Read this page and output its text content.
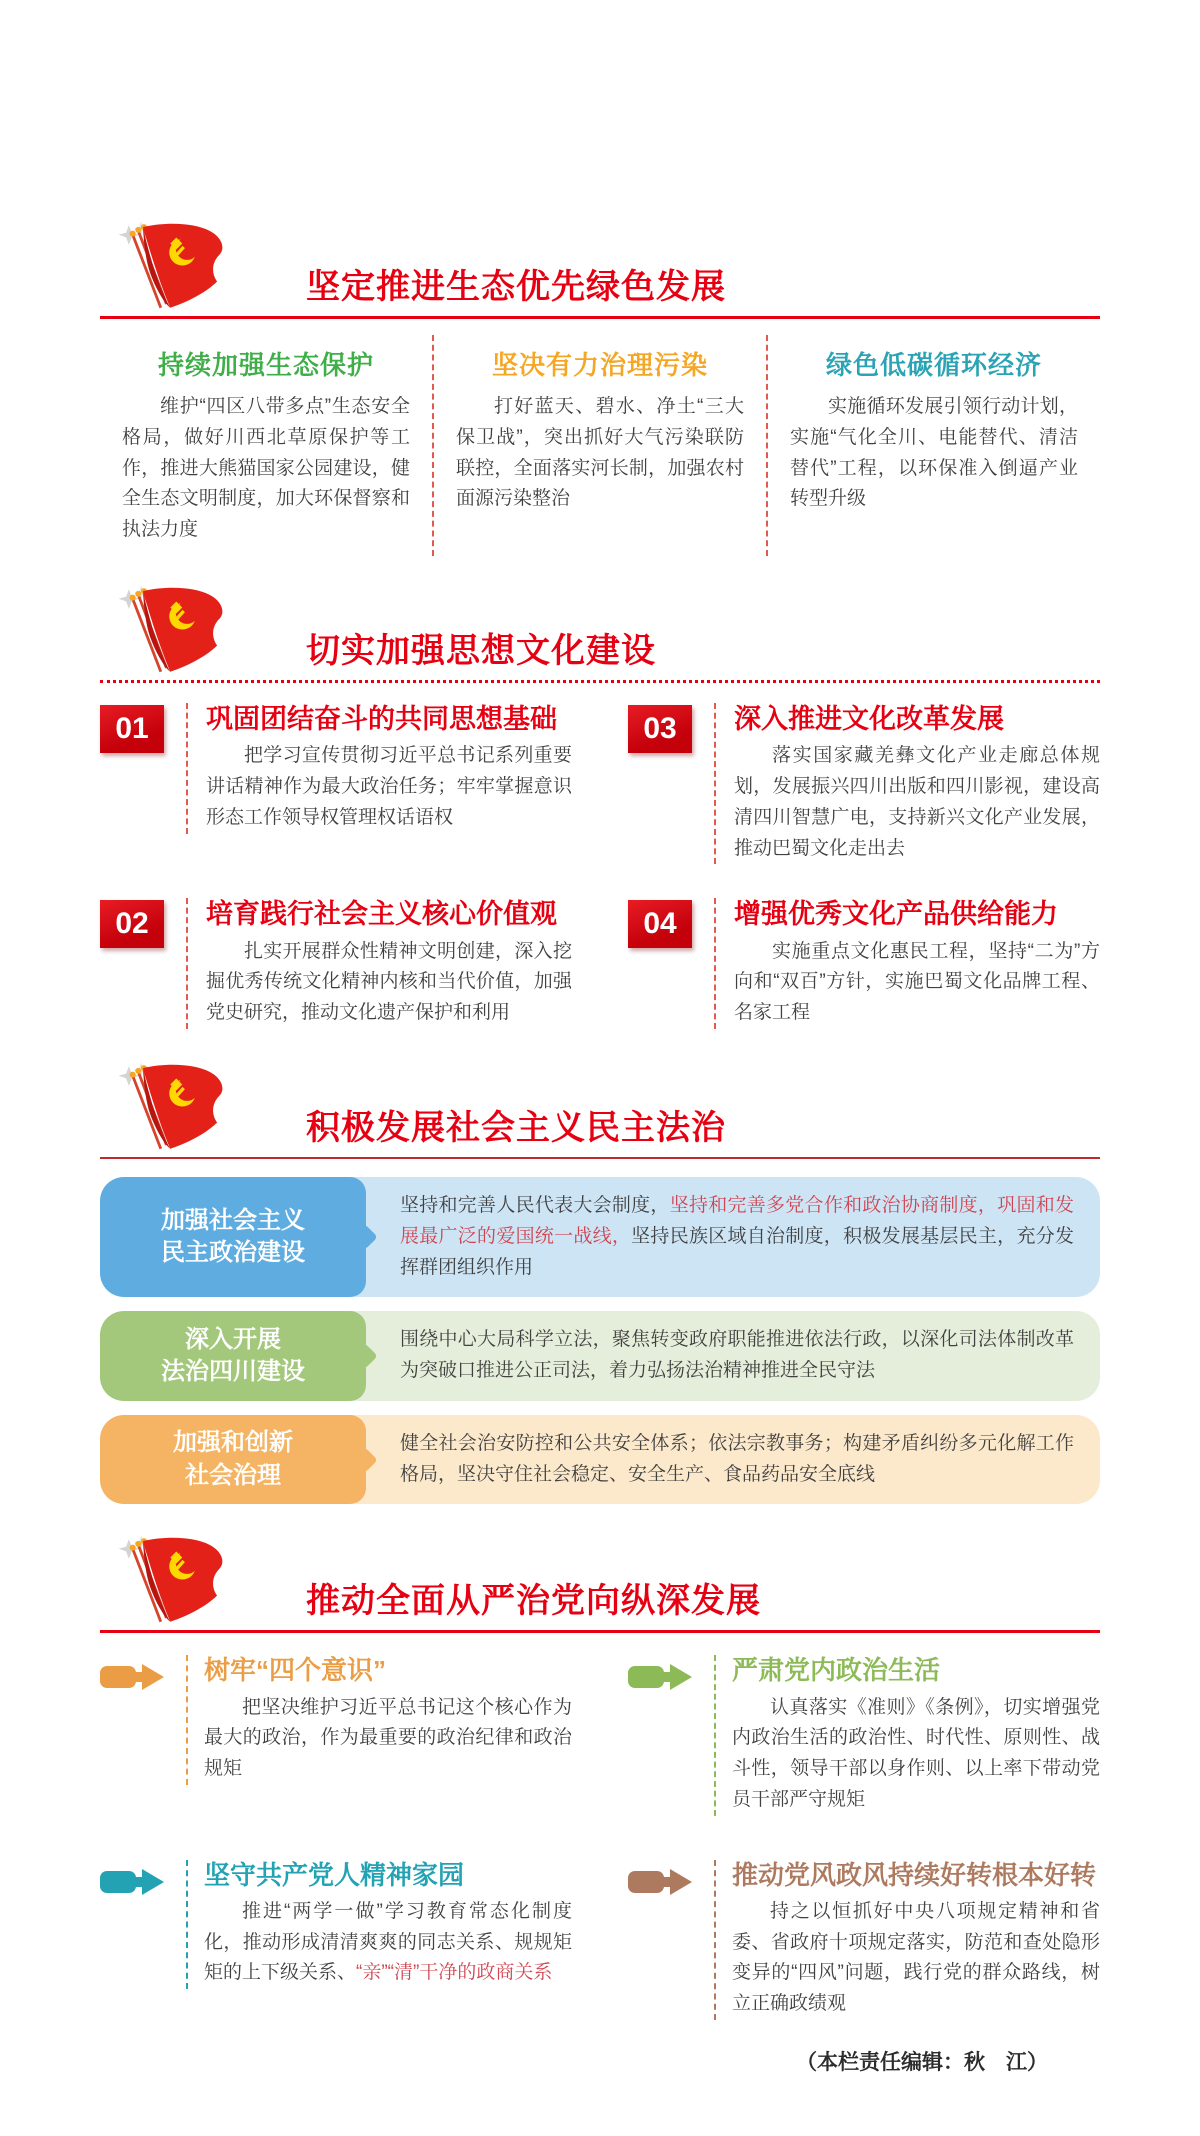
坚定推进生态优先绿色发展
持续加强生态保护

维护“四区八带多点”生态安全格局，做好川西北草原保护等工作，推进大熊猫国家公园建设，健全生态文明制度，加大环保督察和执法力度

坚决有力治理污染

打好蓝天、碧水、净土“三大保卫战”，突出抓好大气污染联防联控，全面落实河长制，加强农村面源污染整治

绿色低碳循环经济

实施循环发展引领行动计划，实施“气化全川、电能替代、清洁替代”工程，以环保准入倒逼产业转型升级

切实加强思想文化建设
01	巩固团结奋斗的共同思想基础

把学习宣传贯彻习近平总书记系列重要讲话精神作为最大政治任务；牢牢掌握意识形态工作领导权管理权话语权

02	培育践行社会主义核心价值观

扎实开展群众性精神文明创建，深入挖掘优秀传统文化精神内核和当代价值，加强党史研究，推动文化遗产保护和利用

03	深入推进文化改革发展

落实国家藏羌彝文化产业走廊总体规划，发展振兴四川出版和四川影视，建设高清四川智慧广电，支持新兴文化产业发展，推动巴蜀文化走出去

04	增强优秀文化产品供给能力

实施重点文化惠民工程，坚持“二为”方向和“双百”方针，实施巴蜀文化品牌工程、名家工程

积极发展社会主义民主法治
加强社会主义
民主政治建设

坚持和完善人民代表大会制度，坚持和完善多党合作和政治协商制度，巩固和发展最广泛的爱国统一战线，坚持民族区域自治制度，积极发展基层民主，充分发挥群团组织作用

深入开展
法治四川建设

围绕中心大局科学立法，聚焦转变政府职能推进依法行政，以深化司法体制改革为突破口推进公正司法，着力弘扬法治精神推进全民守法

加强和创新
社会治理

健全社会治安防控和公共安全体系；依法宗教事务；构建矛盾纠纷多元化解工作格局，坚决守住社会稳定、安全生产、食品药品安全底线

推动全面从严治党向纵深发展
树牢“四个意识”

把坚决维护习近平总书记这个核心作为最大的政治，作为最重要的政治纪律和政治规矩

坚守共产党人精神家园

推进“两学一做”学习教育常态化制度化，推动形成清清爽爽的同志关系、规规矩矩的上下级关系、“亲”“清”干净的政商关系

严肃党内政治生活

认真落实《准则》《条例》，切实增强党内政治生活的政治性、时代性、原则性、战斗性，领导干部以身作则、以上率下带动党员干部严守规矩

推动党风政风持续好转根本好转

持之以恒抓好中央八项规定精神和省委、省政府十项规定落实，防范和查处隐形变异的“四风”问题，践行党的群众路线，树立正确政绩观

（本栏责任编辑：秋　江）
